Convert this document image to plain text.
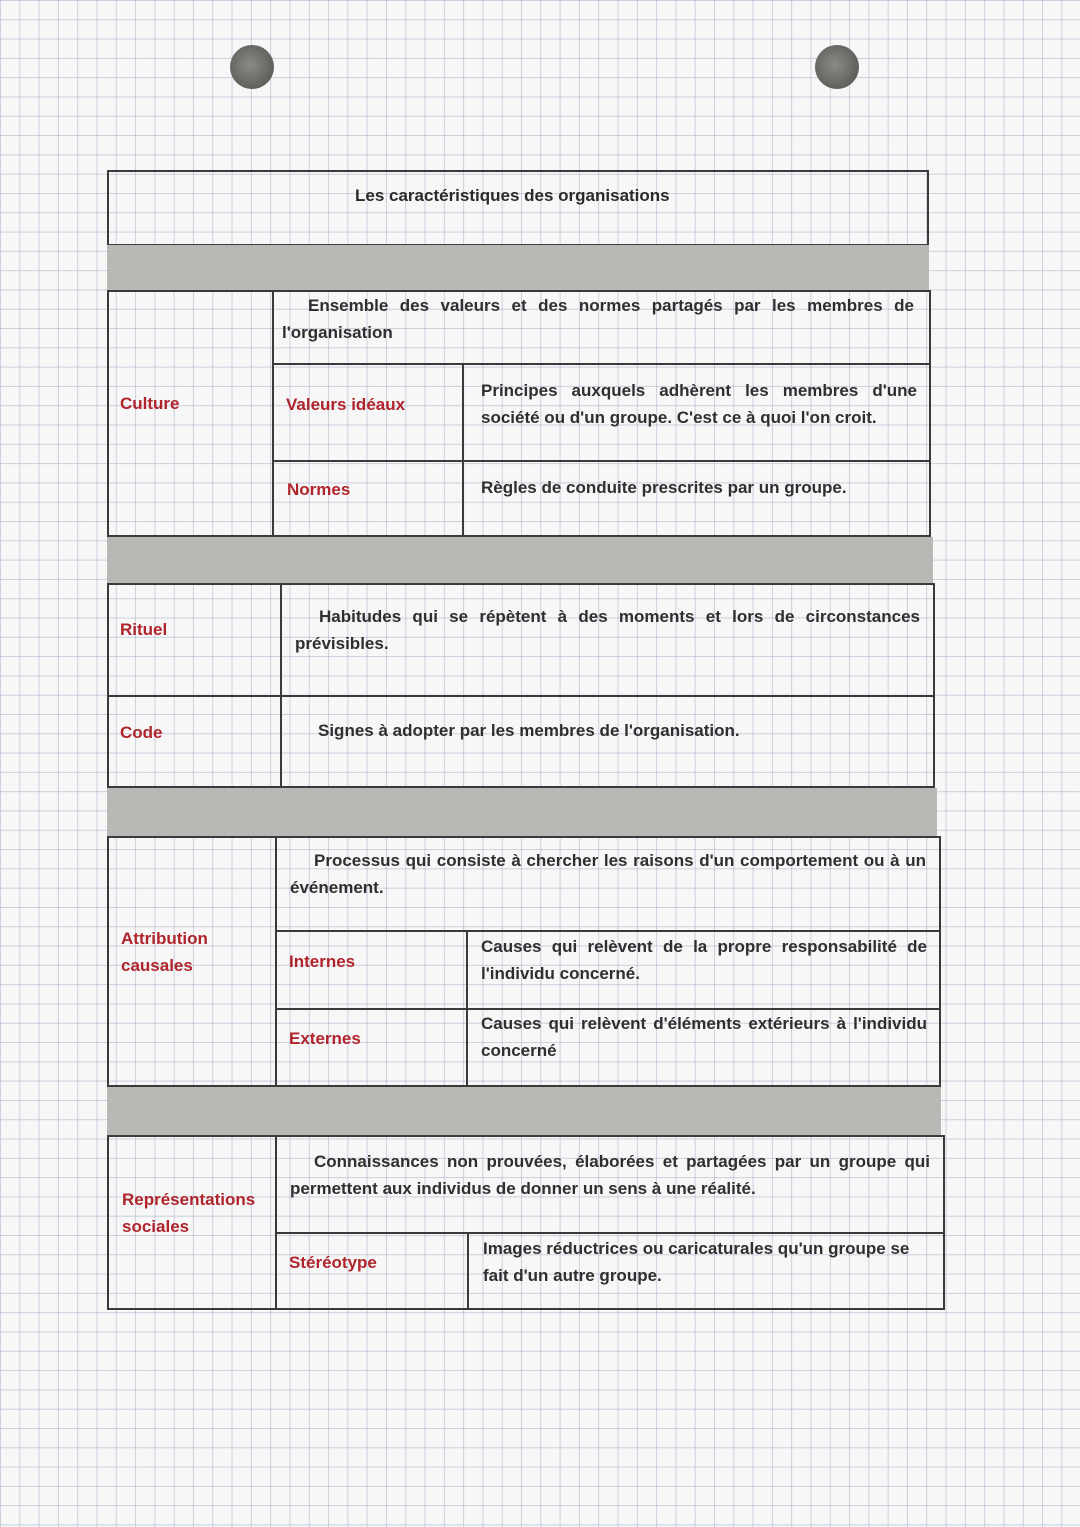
Les caractéristiques des organisations
Culture
Ensemble des valeurs et des normes partagés par les membres de l'organisation
Valeurs idéaux
Principes auxquels adhèrent les membres d'une société ou d'un groupe. C'est ce à quoi l'on croit.
Normes	Règles de conduite prescrites par un groupe.
Rituel
Habitudes qui se répètent à des moments et lors de circonstances prévisibles.
Code	Signes à adopter par les membres de l'organisation.
Attribution causales
Processus qui consiste à chercher les raisons d'un comportement ou à un événement.
Internes
Causes qui relèvent de la propre responsabilité de l'individu concerné.
Externes
Causes qui relèvent d'éléments extérieurs à l'individu concerné
Représentations sociales
Connaissances non prouvées, élaborées et partagées par un groupe qui permettent aux individus de donner un sens à une réalité.
Stéréotype
Images réductrices ou caricaturales qu'un groupe se fait d'un autre groupe.
